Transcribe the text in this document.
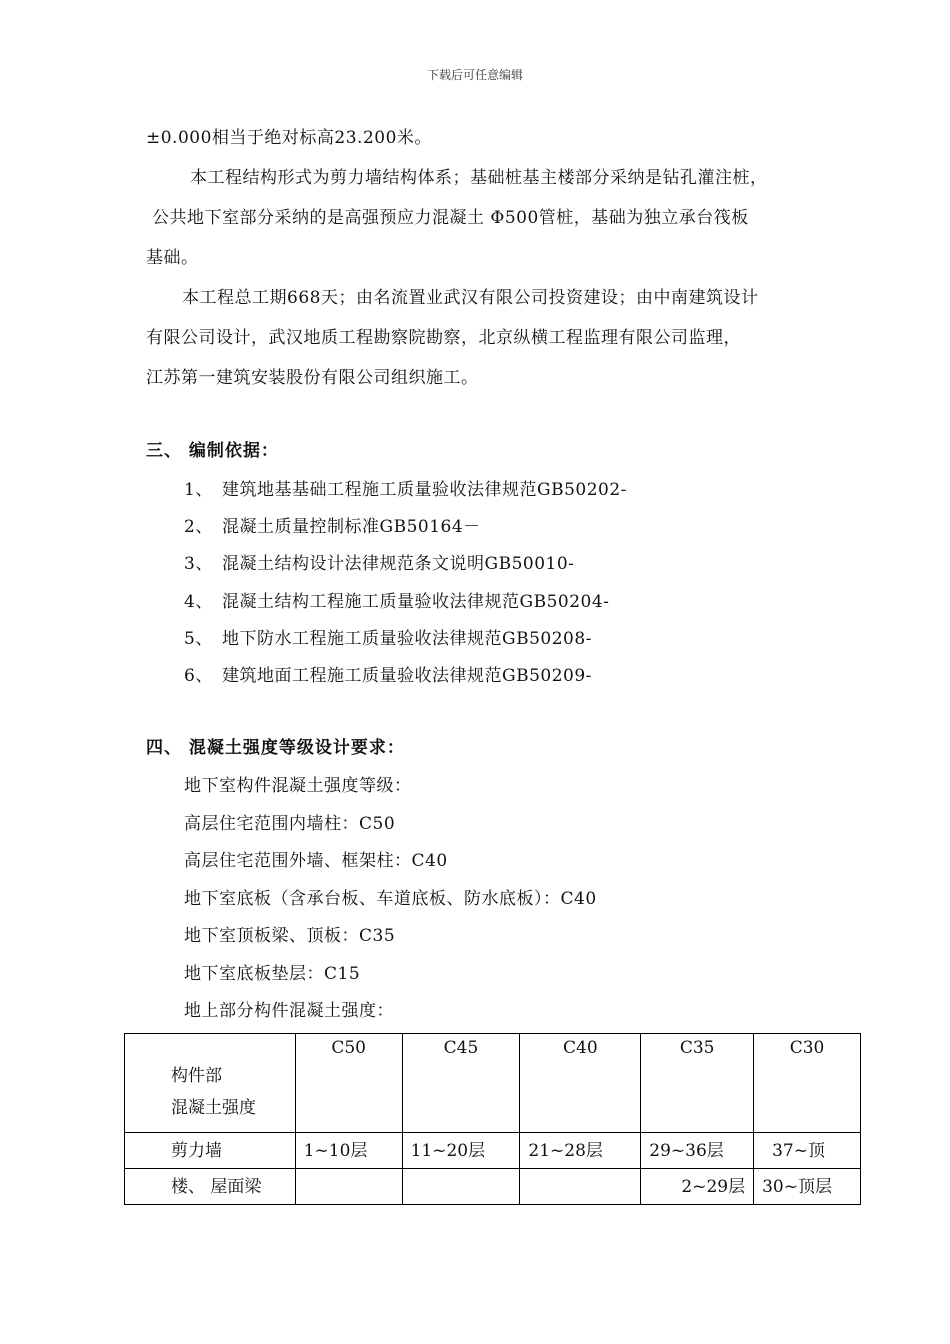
下载后可任意编辑
±0.000相当于绝对标高23.200米。
本工程结构形式为剪力墙结构体系；基础桩基主楼部分采纳是钻孔灌注桩，
公共地下室部分采纳的是高强预应力混凝土 Φ500管桩，基础为独立承台筏板
基础。
本工程总工期668天；由名流置业武汉有限公司投资建设；由中南建筑设计
有限公司设计，武汉地质工程勘察院勘察，北京纵横工程监理有限公司监理，
江苏第一建筑安装股份有限公司组织施工。
三、 编制依据：
1、 建筑地基基础工程施工质量验收法律规范GB50202-
2、 混凝土质量控制标准GB50164－
3、 混凝土结构设计法律规范条文说明GB50010-
4、 混凝土结构工程施工质量验收法律规范GB50204-
5、 地下防水工程施工质量验收法律规范GB50208-
6、 建筑地面工程施工质量验收法律规范GB50209-
四、 混凝土强度等级设计要求：
地下室构件混凝土强度等级：
高层住宅范围内墙柱：C50
高层住宅范围外墙、框架柱：C40
地下室底板（含承台板、车道底板、防水底板）：C40
地下室顶板梁、顶板：C35
地下室底板垫层：C15
地上部分构件混凝土强度：
构件部
混凝土强度	C50	C45	C40	C35	C30

剪力墙	1~10层	11~20层	21~28层	29~36层	37~顶

楼、 屋面梁				2~29层	30~顶层
